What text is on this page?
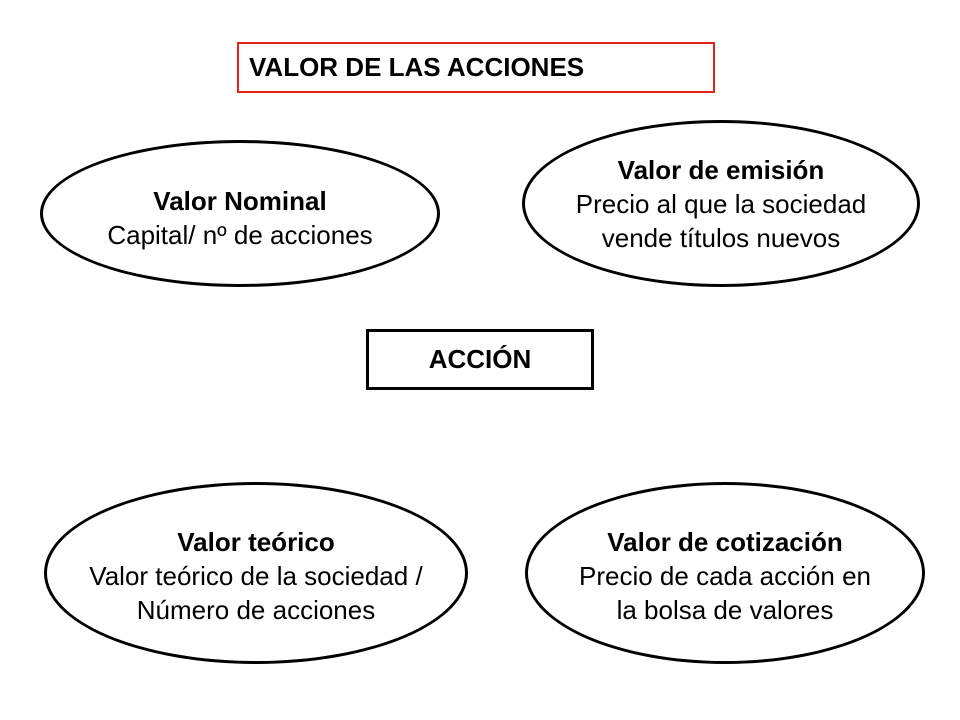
VALOR DE LAS ACCIONES
Valor Nominal
Capital/ nº de acciones
Valor de emisión
Precio al que la sociedad
vende títulos nuevos
ACCIÓN
Valor teórico
Valor teórico de la sociedad /
Número de acciones
Valor de cotización
Precio de cada acción en
la bolsa de valores
